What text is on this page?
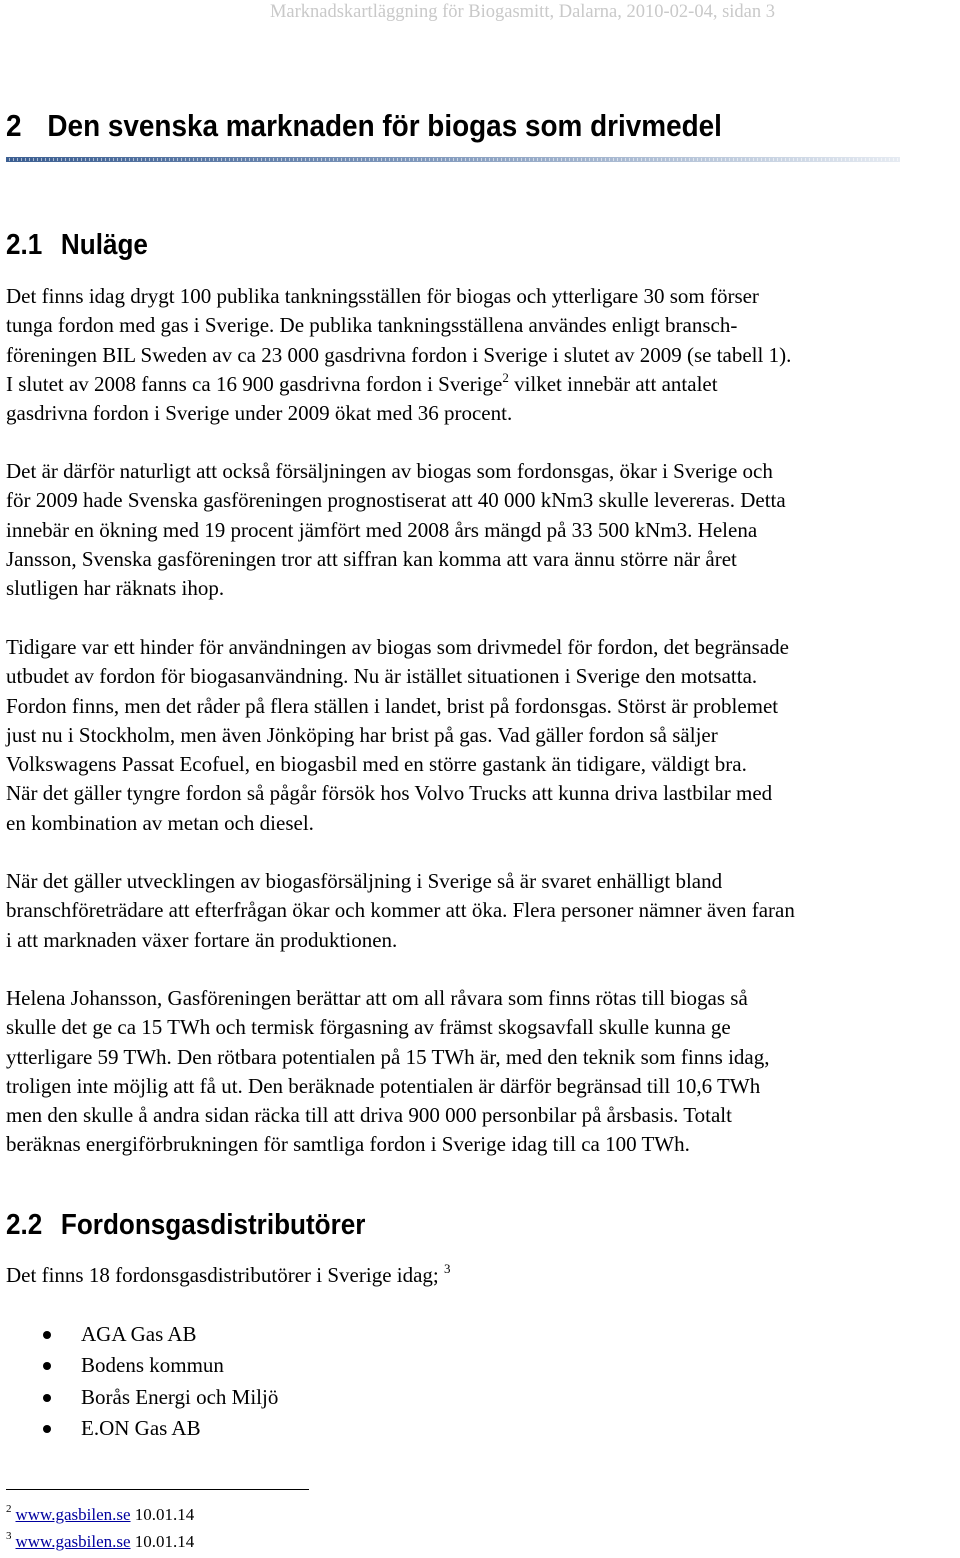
Marknadskartläggning för Biogasmitt, Dalarna, 2010-02-04, sidan 3
2 Den svenska marknaden för biogas som drivmedel
2.1 Nuläge
Det finns idag drygt 100 publika tankningsställen för biogas och ytterligare 30 som förser
tunga fordon med gas i Sverige. De publika tankningsställena användes enligt bransch-
föreningen BIL Sweden av ca 23 000 gasdrivna fordon i Sverige i slutet av 2009 (se tabell 1).
I slutet av 2008 fanns ca 16 900 gasdrivna fordon i Sverige$^2$ vilket innebär att antalet
gasdrivna fordon i Sverige under 2009 ökat med 36 procent.
Det är därför naturligt att också försäljningen av biogas som fordonsgas, ökar i Sverige och
för 2009 hade Svenska gasföreningen prognostiserat att 40 000 kNm3 skulle levereras. Detta
innebär en ökning med 19 procent jämfört med 2008 års mängd på 33 500 kNm3. Helena
Jansson, Svenska gasföreningen tror att siffran kan komma att vara ännu större när året
slutligen har räknats ihop.
Tidigare var ett hinder för användningen av biogas som drivmedel för fordon, det begränsade
utbudet av fordon för biogasanvändning. Nu är istället situationen i Sverige den motsatta.
Fordon finns, men det råder på flera ställen i landet, brist på fordonsgas. Störst är problemet
just nu i Stockholm, men även Jönköping har brist på gas. Vad gäller fordon så säljer
Volkswagens Passat Ecofuel, en biogasbil med en större gastank än tidigare, väldigt bra.
När det gäller tyngre fordon så pågår försök hos Volvo Trucks att kunna driva lastbilar med
en kombination av metan och diesel.
När det gäller utvecklingen av biogasförsäljning i Sverige så är svaret enhälligt bland
branschföreträdare att efterfrågan ökar och kommer att öka. Flera personer nämner även faran
i att marknaden växer fortare än produktionen.
Helena Johansson, Gasföreningen berättar att om all råvara som finns rötas till biogas så
skulle det ge ca 15 TWh och termisk förgasning av främst skogsavfall skulle kunna ge
ytterligare 59 TWh. Den rötbara potentialen på 15 TWh är, med den teknik som finns idag,
troligen inte möjlig att få ut. Den beräknade potentialen är därför begränsad till 10,6 TWh
men den skulle å andra sidan räcka till att driva 900 000 personbilar på årsbasis. Totalt
beräknas energiförbrukningen för samtliga fordon i Sverige idag till ca 100 TWh.
2.2 Fordonsgasdistributörer
Det finns 18 fordonsgasdistributörer i Sverige idag; $^3$
AGA Gas AB
Bodens kommun
Borås Energi och Miljö
E.ON Gas AB
$^2$ www.gasbilen.se 10.01.14
$^3$ www.gasbilen.se 10.01.14
